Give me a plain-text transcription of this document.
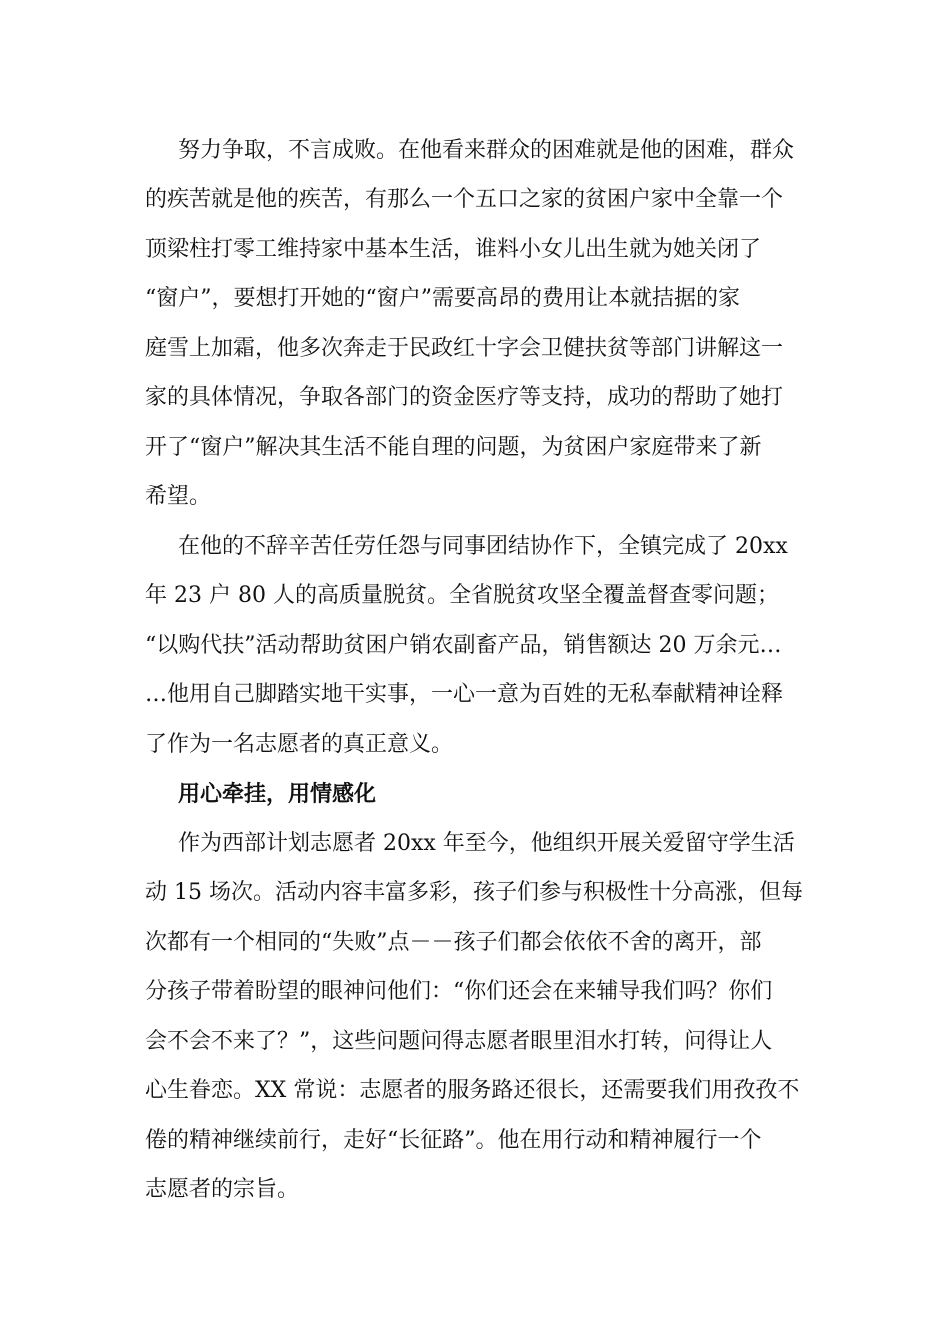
努力争取，不言成败。在他看来群众的困难就是他的困难，群众

的疾苦就是他的疾苦，有那么一个五口之家的贫困户家中全靠一个

顶梁柱打零工维持家中基本生活，谁料小女儿出生就为她关闭了

“窗户”，要想打开她的“窗户”需要高昂的费用让本就拮据的家

庭雪上加霜，他多次奔走于民政红十字会卫健扶贫等部门讲解这一

家的具体情况，争取各部门的资金医疗等支持，成功的帮助了她打

开了“窗户”解决其生活不能自理的问题，为贫困户家庭带来了新

希望。

在他的不辞辛苦任劳任怨与同事团结协作下，全镇完成了 20xx

年 23 户 80 人的高质量脱贫。全省脱贫攻坚全覆盖督查零问题；

“以购代扶”活动帮助贫困户销农副畜产品，销售额达 20 万余元…

…他用自己脚踏实地干实事，一心一意为百姓的无私奉献精神诠释

了作为一名志愿者的真正意义。

用心牵挂，用情感化

作为西部计划志愿者 20xx 年至今，他组织开展关爱留守学生活

动 15 场次。活动内容丰富多彩，孩子们参与积极性十分高涨，但每

次都有一个相同的“失败”点－－孩子们都会依依不舍的离开，部

分孩子带着盼望的眼神问他们：“你们还会在来辅导我们吗？你们

会不会不来了？”，这些问题问得志愿者眼里泪水打转，问得让人

心生眷恋。XX 常说：志愿者的服务路还很长，还需要我们用孜孜不

倦的精神继续前行，走好“长征路”。他在用行动和精神履行一个

志愿者的宗旨。
